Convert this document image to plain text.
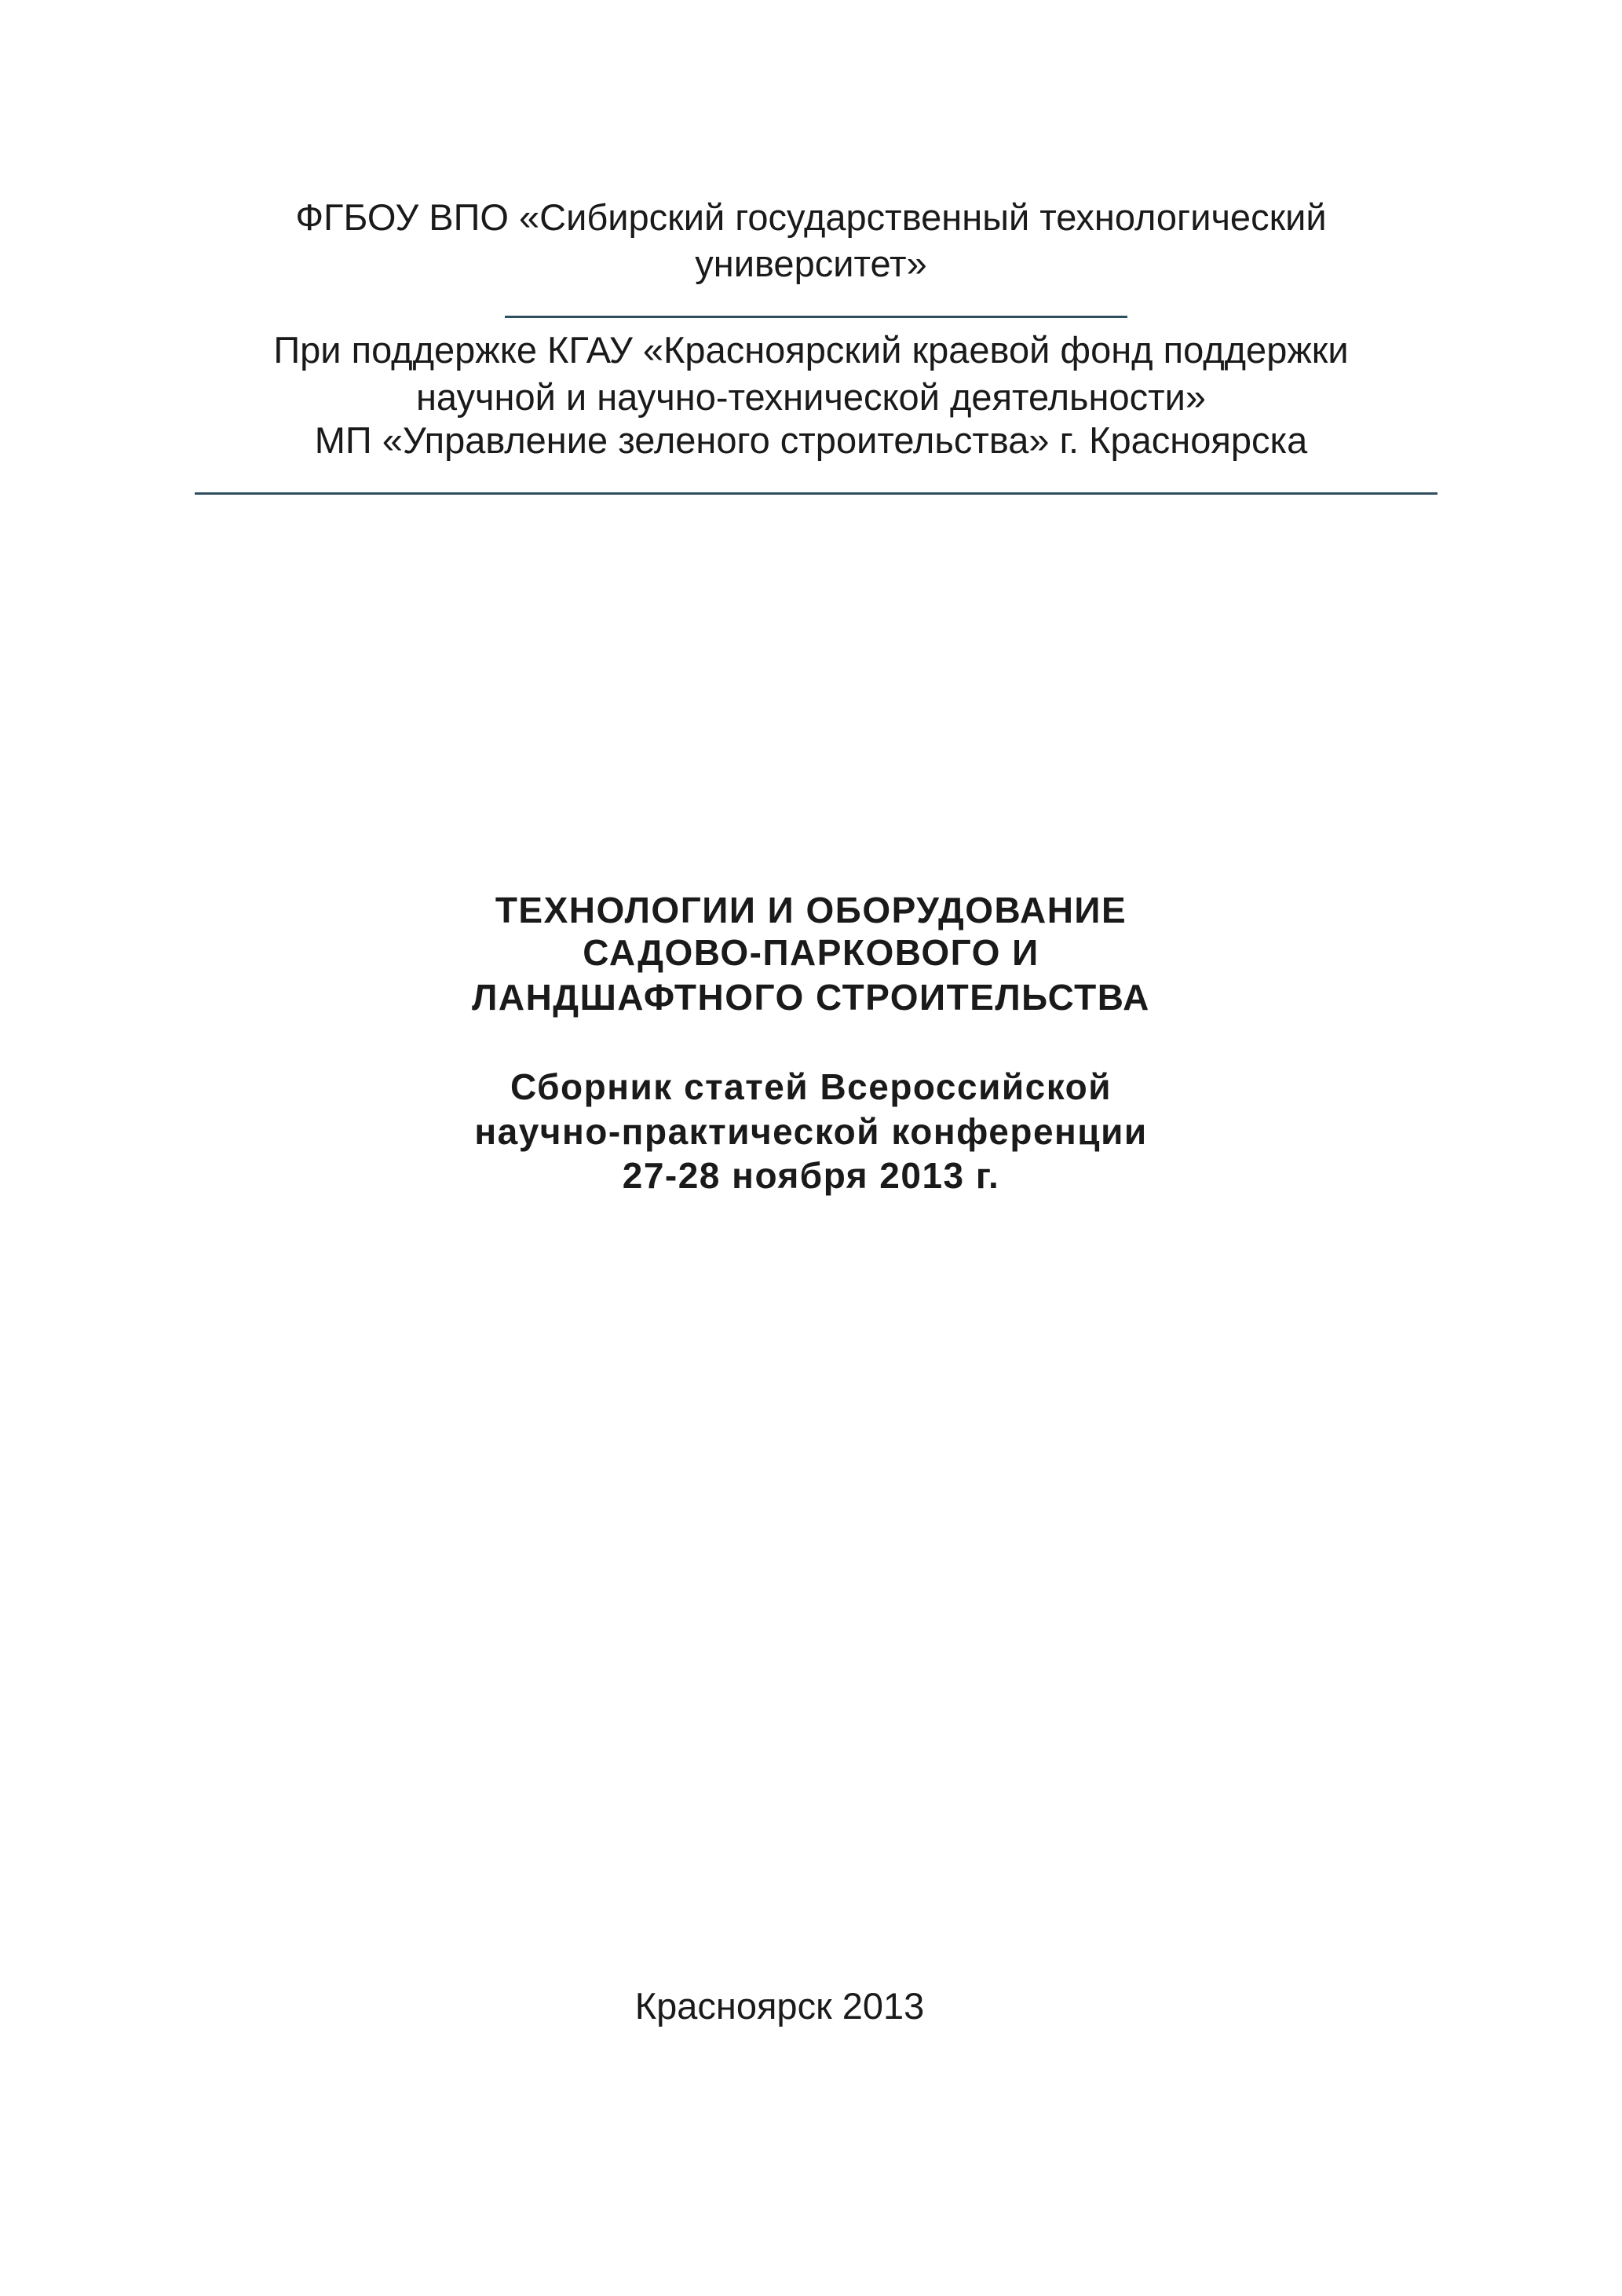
ФГБОУ ВПО «Сибирский государственный технологический
университет»
При поддержке КГАУ «Красноярский краевой фонд поддержки
научной и научно-технической деятельности»
МП «Управление зеленого строительства» г. Красноярска
ТЕХНОЛОГИИ И ОБОРУДОВАНИЕ
САДОВО-ПАРКОВОГО И
ЛАНДШАФТНОГО СТРОИТЕЛЬСТВА
Сборник статей Всероссийской
научно-практической конференции
27-28 ноября 2013 г.
Красноярск 2013
